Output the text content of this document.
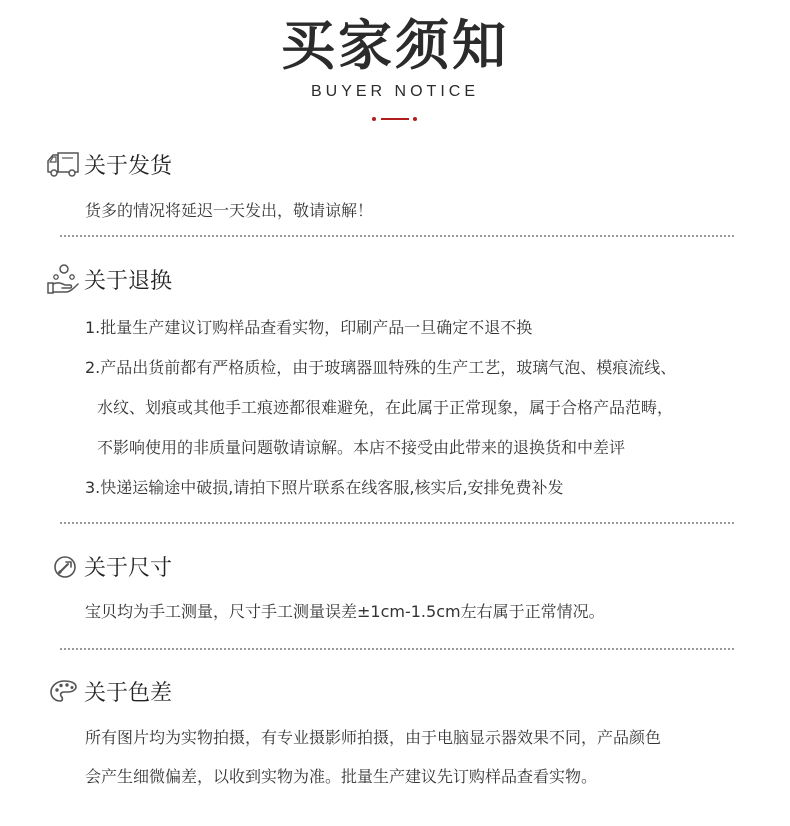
买家须知
BUYER NOTICE
关于发货
货多的情况将延迟一天发出，敬请谅解！
关于退换
1.批量生产建议订购样品查看实物，印刷产品一旦确定不退不换
2.产品出货前都有严格质检，由于玻璃器皿特殊的生产工艺，玻璃气泡、模痕流线、
水纹、划痕或其他手工痕迹都很难避免，在此属于正常现象，属于合格产品范畴，
不影响使用的非质量问题敬请谅解。本店不接受由此带来的退换货和中差评
3.快递运输途中破损,请拍下照片联系在线客服,核实后,安排免费补发
关于尺寸
宝贝均为手工测量，尺寸手工测量误差±1cm-1.5cm左右属于正常情况。
关于色差
所有图片均为实物拍摄，有专业摄影师拍摄，由于电脑显示器效果不同，产品颜色
会产生细微偏差，以收到实物为准。批量生产建议先订购样品查看实物。
